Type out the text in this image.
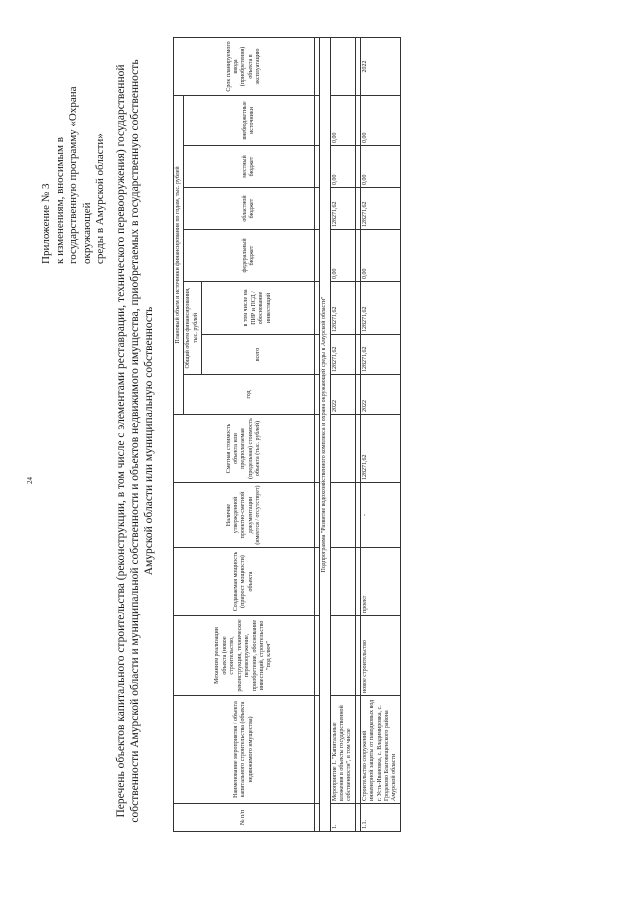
24
Приложение № 3 к изменениям, вносимым в государственную программу «Охрана окружающей среды в Амурской области» Перечень объектов капитального строительства (реконструкции, в том числе с элементами реставрации, технического перевооружения) государственной собственности Амурской области и муниципальной собственности и объектов недвижимого имущества, приобретаемых в государственную собственность Амурской области или муниципальную собственность
№ п/п	Наименование мероприятия / объекта капитального строительства (объекта недвижимого имущества)	Механизм реализации объекта (новое строительство, реконструкция, техническое перевооружение, приобретение, обоснование инвестиций, строительство "под ключ"	Создаваемая мощность (прирост мощности) объекта	Наличие утвержденной проектно-сметной документации (имеется / отсутствует)	Сметная стоимость объекта или предполагаемая (предельная) стоимость объекта (тыс. рублей)	Плановый объем и источники финансирования по годам, тыс. рублей							Срок планируемого ввода (приобретения) объекта в эксплуатацию
						год	Общий объем финансирования, тыс. рублей		федеральный бюджет	областной бюджет	местный бюджет	внебюджетные источники	
							всего	в том числе на ПИР и ПСД / обоснование инвестиций					

Подпрограмма "Развитие водохозяйственного комплекса и охрана окружающей среды в Амурской области"													
1.	Мероприятие 1. "Капитальные вложения в объекты государственной собственности", в том числе					2022	128271,62	128271,62	0,00	128271,62	0,00	0,00	

1.1.	Строительство сооружений инженерной защиты от паводковых вод г. Усть-Ивановка, с. Владимировка, с. Гродеково Благовещенского района Амурской области	новое строительство	проект	-	128271,62	2022	128271,62	128271,62	0,00	128271,62	0,00	0,00	2022
